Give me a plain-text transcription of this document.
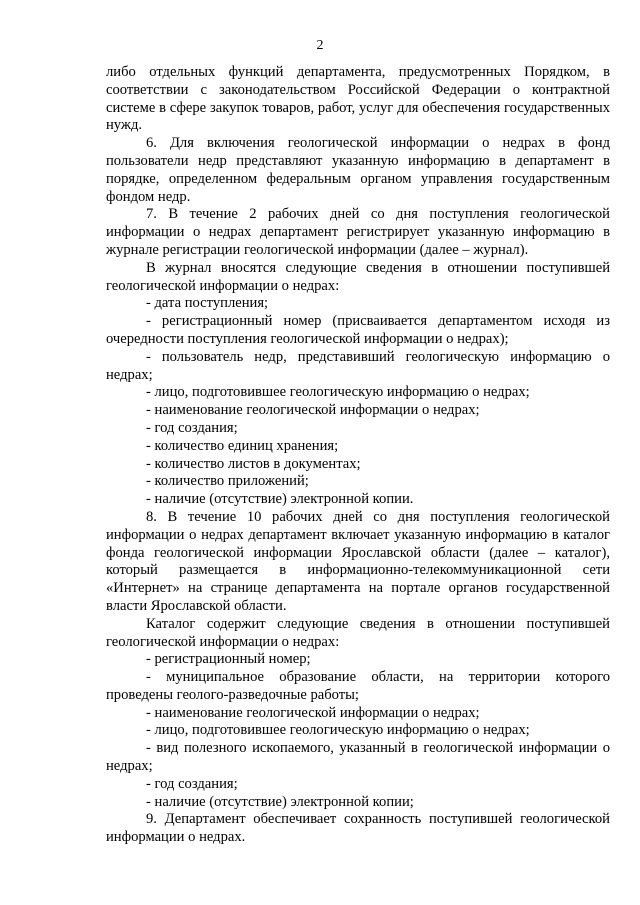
2

либо отдельных функций департамента, предусмотренных Порядком, в соответствии с законодательством Российской Федерации о контрактной системе в сфере закупок товаров, работ, услуг для обеспечения государственных нужд.

6. Для включения геологической информации о недрах в фонд пользователи недр представляют указанную информацию в департамент в порядке, определенном федеральным органом управления государственным фондом недр.

7. В течение 2 рабочих дней со дня поступления геологической информации о недрах департамент регистрирует указанную информацию в журнале регистрации геологической информации (далее – журнал).

В журнал вносятся следующие сведения в отношении поступившей геологической информации о недрах:

- дата поступления;

- регистрационный номер (присваивается департаментом исходя из очередности поступления геологической информации о недрах);

- пользователь недр, представивший геологическую информацию о недрах;

- лицо, подготовившее геологическую информацию о недрах;

- наименование геологической информации о недрах;

- год создания;

- количество единиц хранения;

- количество листов в документах;

- количество приложений;

- наличие (отсутствие) электронной копии.

8. В течение 10 рабочих дней со дня поступления геологической информации о недрах департамент включает указанную информацию в каталог фонда геологической информации Ярославской области (далее – каталог), который размещается в информационно-телекоммуникационной сети «Интернет» на странице департамента на портале органов государственной власти Ярославской области.

Каталог содержит следующие сведения в отношении поступившей геологической информации о недрах:

- регистрационный номер;

- муниципальное образование области, на территории которого проведены геолого-разведочные работы;

- наименование геологической информации о недрах;

- лицо, подготовившее геологическую информацию о недрах;

- вид полезного ископаемого, указанный в геологической информации о недрах;

- год создания;

- наличие (отсутствие) электронной копии;

9. Департамент обеспечивает сохранность поступившей геологической информации о недрах.
